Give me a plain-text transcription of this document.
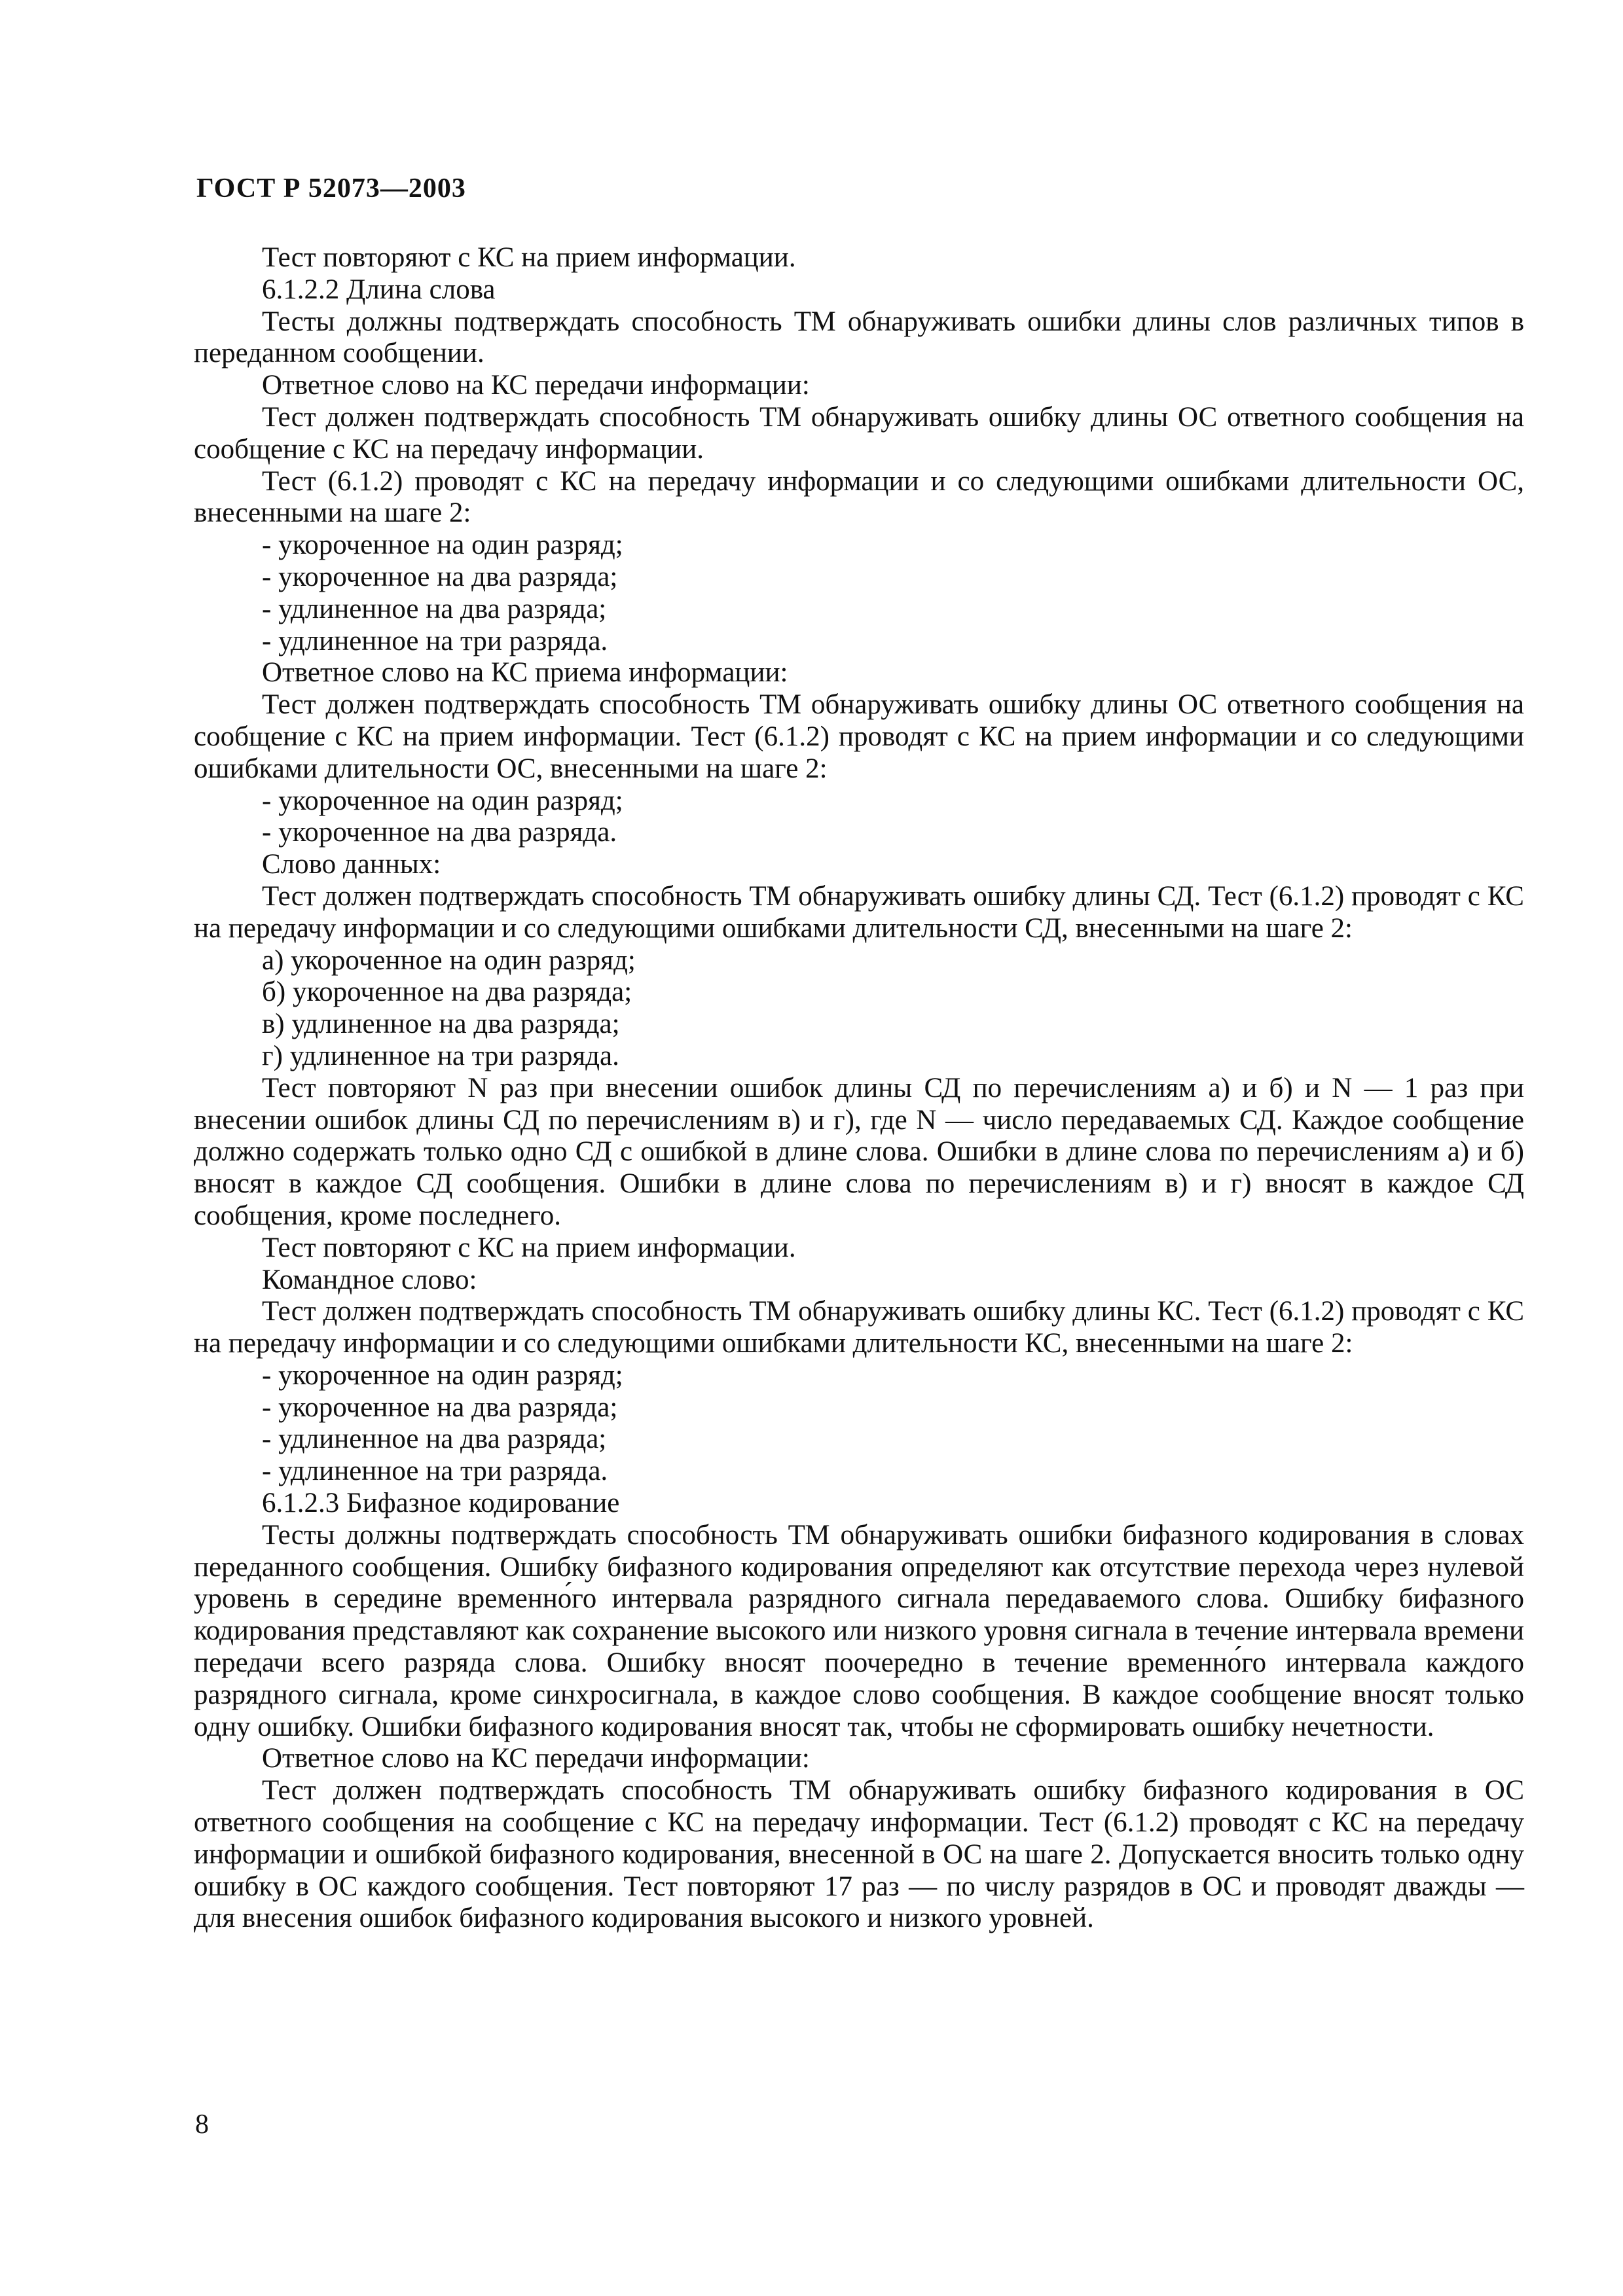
ГОСТ Р 52073—2003

Тест повторяют с КС на прием информации.

6.1.2.2 Длина слова

Тесты должны подтверждать способность ТМ обнаруживать ошибки длины слов различных типов в переданном сообщении.

Ответное слово на КС передачи информации:

Тест должен подтверждать способность ТМ обнаруживать ошибку длины ОС ответного сообщения на сообщение с КС на передачу информации.

Тест (6.1.2) проводят с КС на передачу информации и со следующими ошибками длительности ОС, внесенными на шаге 2:

- укороченное на один разряд;

- укороченное на два разряда;

- удлиненное на два разряда;

- удлиненное на три разряда.

Ответное слово на КС приема информации:

Тест должен подтверждать способность ТМ обнаруживать ошибку длины ОС ответного сообщения на сообщение с КС на прием информации. Тест (6.1.2) проводят с КС на прием информации и со следующими ошибками длительности ОС, внесенными на шаге 2:

- укороченное на один разряд;

- укороченное на два разряда.

Слово данных:

Тест должен подтверждать способность ТМ обнаруживать ошибку длины СД. Тест (6.1.2) проводят с КС на передачу информации и со следующими ошибками длительности СД, внесенными на шаге 2:

а) укороченное на один разряд;

б) укороченное на два разряда;

в) удлиненное на два разряда;

г) удлиненное на три разряда.

Тест повторяют N раз при внесении ошибок длины СД по перечислениям а) и б) и N — 1 раз при внесении ошибок длины СД по перечислениям в) и г), где N — число передаваемых СД. Каждое сообщение должно содержать только одно СД с ошибкой в длине слова. Ошибки в длине слова по перечислениям а) и б) вносят в каждое СД сообщения. Ошибки в длине слова по перечислениям в) и г) вносят в каждое СД сообщения, кроме последнего.

Тест повторяют с КС на прием информации.

Командное слово:

Тест должен подтверждать способность ТМ обнаруживать ошибку длины КС. Тест (6.1.2) проводят с КС на передачу информации и со следующими ошибками длительности КС, внесенными на шаге 2:

- укороченное на один разряд;

- укороченное на два разряда;

- удлиненное на два разряда;

- удлиненное на три разряда.

6.1.2.3 Бифазное кодирование

Тесты должны подтверждать способность ТМ обнаруживать ошибки бифазного кодирования в словах переданного сообщения. Ошибку бифазного кодирования определяют как отсутствие перехода через нулевой уровень в середине временно́го интервала разрядного сигнала передаваемого слова. Ошибку бифазного кодирования представляют как сохранение высокого или низкого уровня сигнала в течение интервала времени передачи всего разряда слова. Ошибку вносят поочередно в течение временно́го интервала каждого разрядного сигнала, кроме синхросигнала, в каждое слово сообщения. В каждое сообщение вносят только одну ошибку. Ошибки бифазного кодирования вносят так, чтобы не сформировать ошибку нечетности.

Ответное слово на КС передачи информации:

Тест должен подтверждать способность ТМ обнаруживать ошибку бифазного кодирования в ОС ответного сообщения на сообщение с КС на передачу информации. Тест (6.1.2) проводят с КС на передачу информации и ошибкой бифазного кодирования, внесенной в ОС на шаге 2. Допускается вносить только одну ошибку в ОС каждого сообщения. Тест повторяют 17 раз — по числу разрядов в ОС и проводят дважды — для внесения ошибок бифазного кодирования высокого и низкого уровней.

8
